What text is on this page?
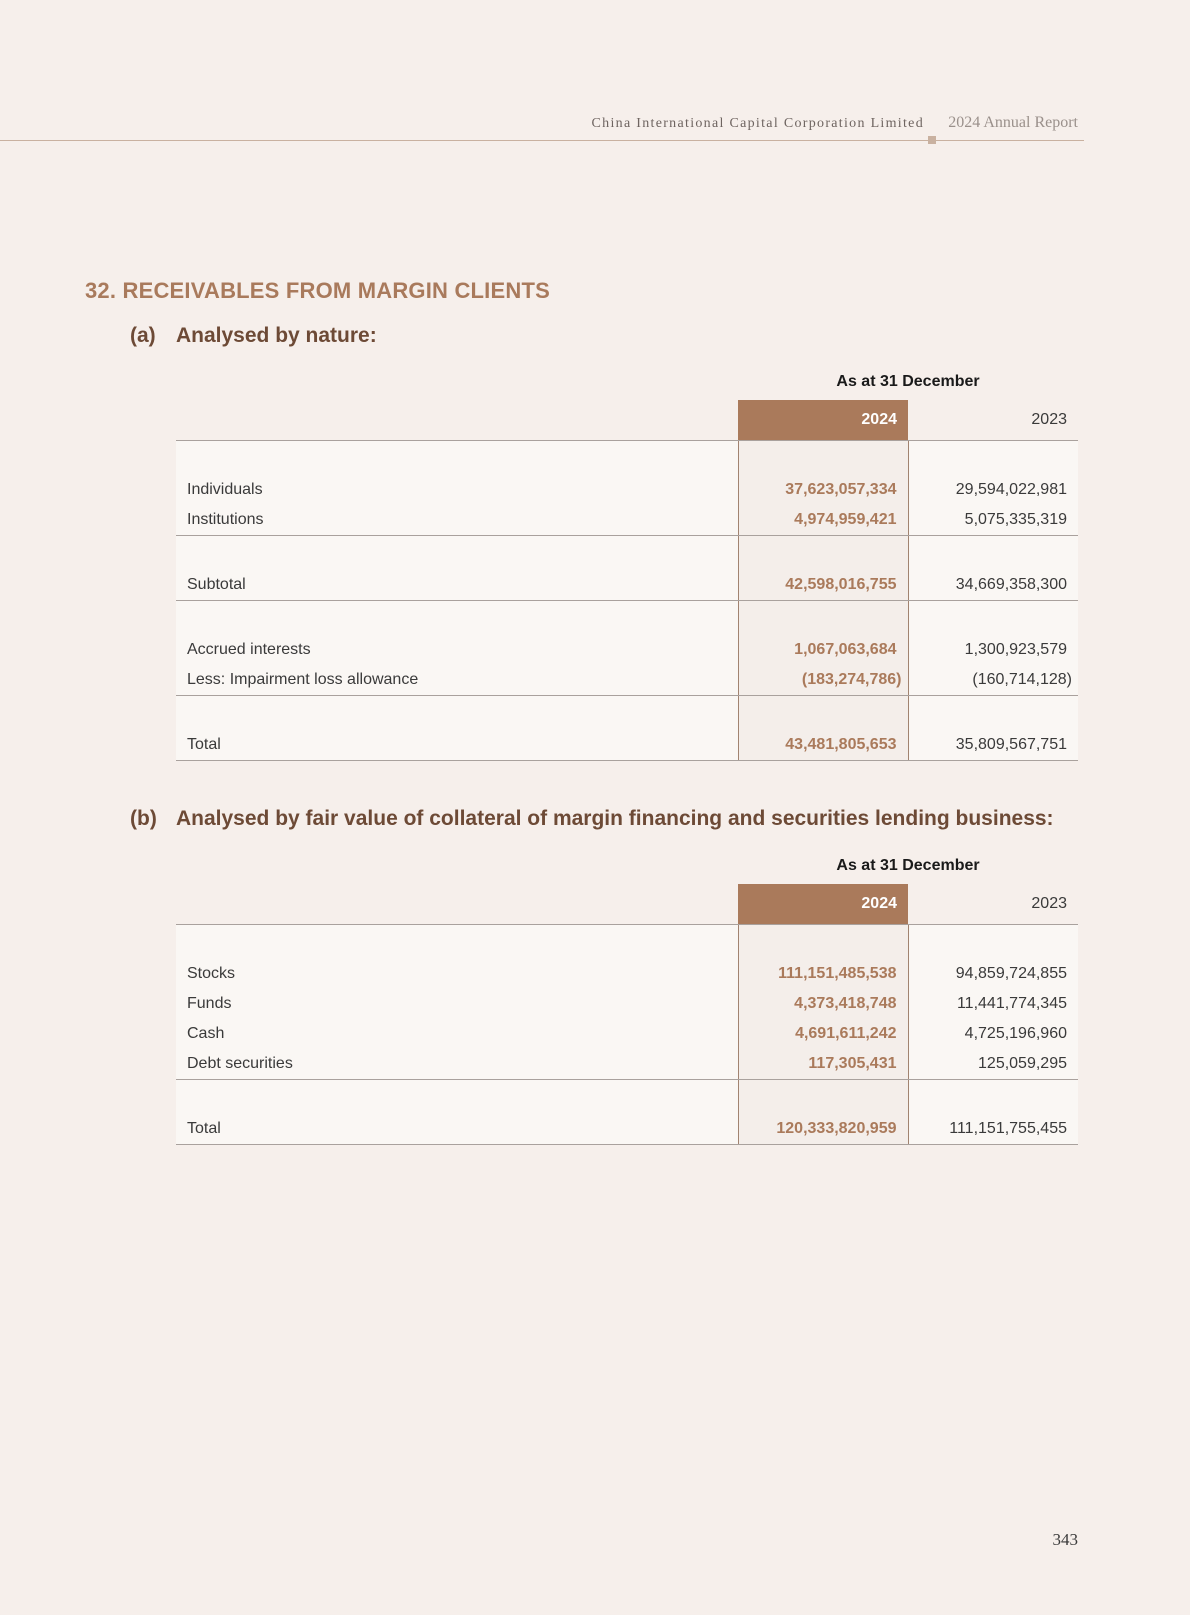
China International Capital Corporation Limited 2024 Annual Report
32. RECEIVABLES FROM MARGIN CLIENTS
(a) Analysed by nature:
	As at 31 December	
	2024	2023

Individuals	37,623,057,334	29,594,022,981
Institutions	4,974,959,421	5,075,335,319

Subtotal	42,598,016,755	34,669,358,300

Accrued interests	1,067,063,684	1,300,923,579
Less: Impairment loss allowance	(183,274,786)	(160,714,128)

Total	43,481,805,653	35,809,567,751
(b) Analysed by fair value of collateral of margin financing and securities lending business:
	As at 31 December	
	2024	2023

Stocks	111,151,485,538	94,859,724,855
Funds	4,373,418,748	11,441,774,345
Cash	4,691,611,242	4,725,196,960
Debt securities	117,305,431	125,059,295

Total	120,333,820,959	111,151,755,455
343
